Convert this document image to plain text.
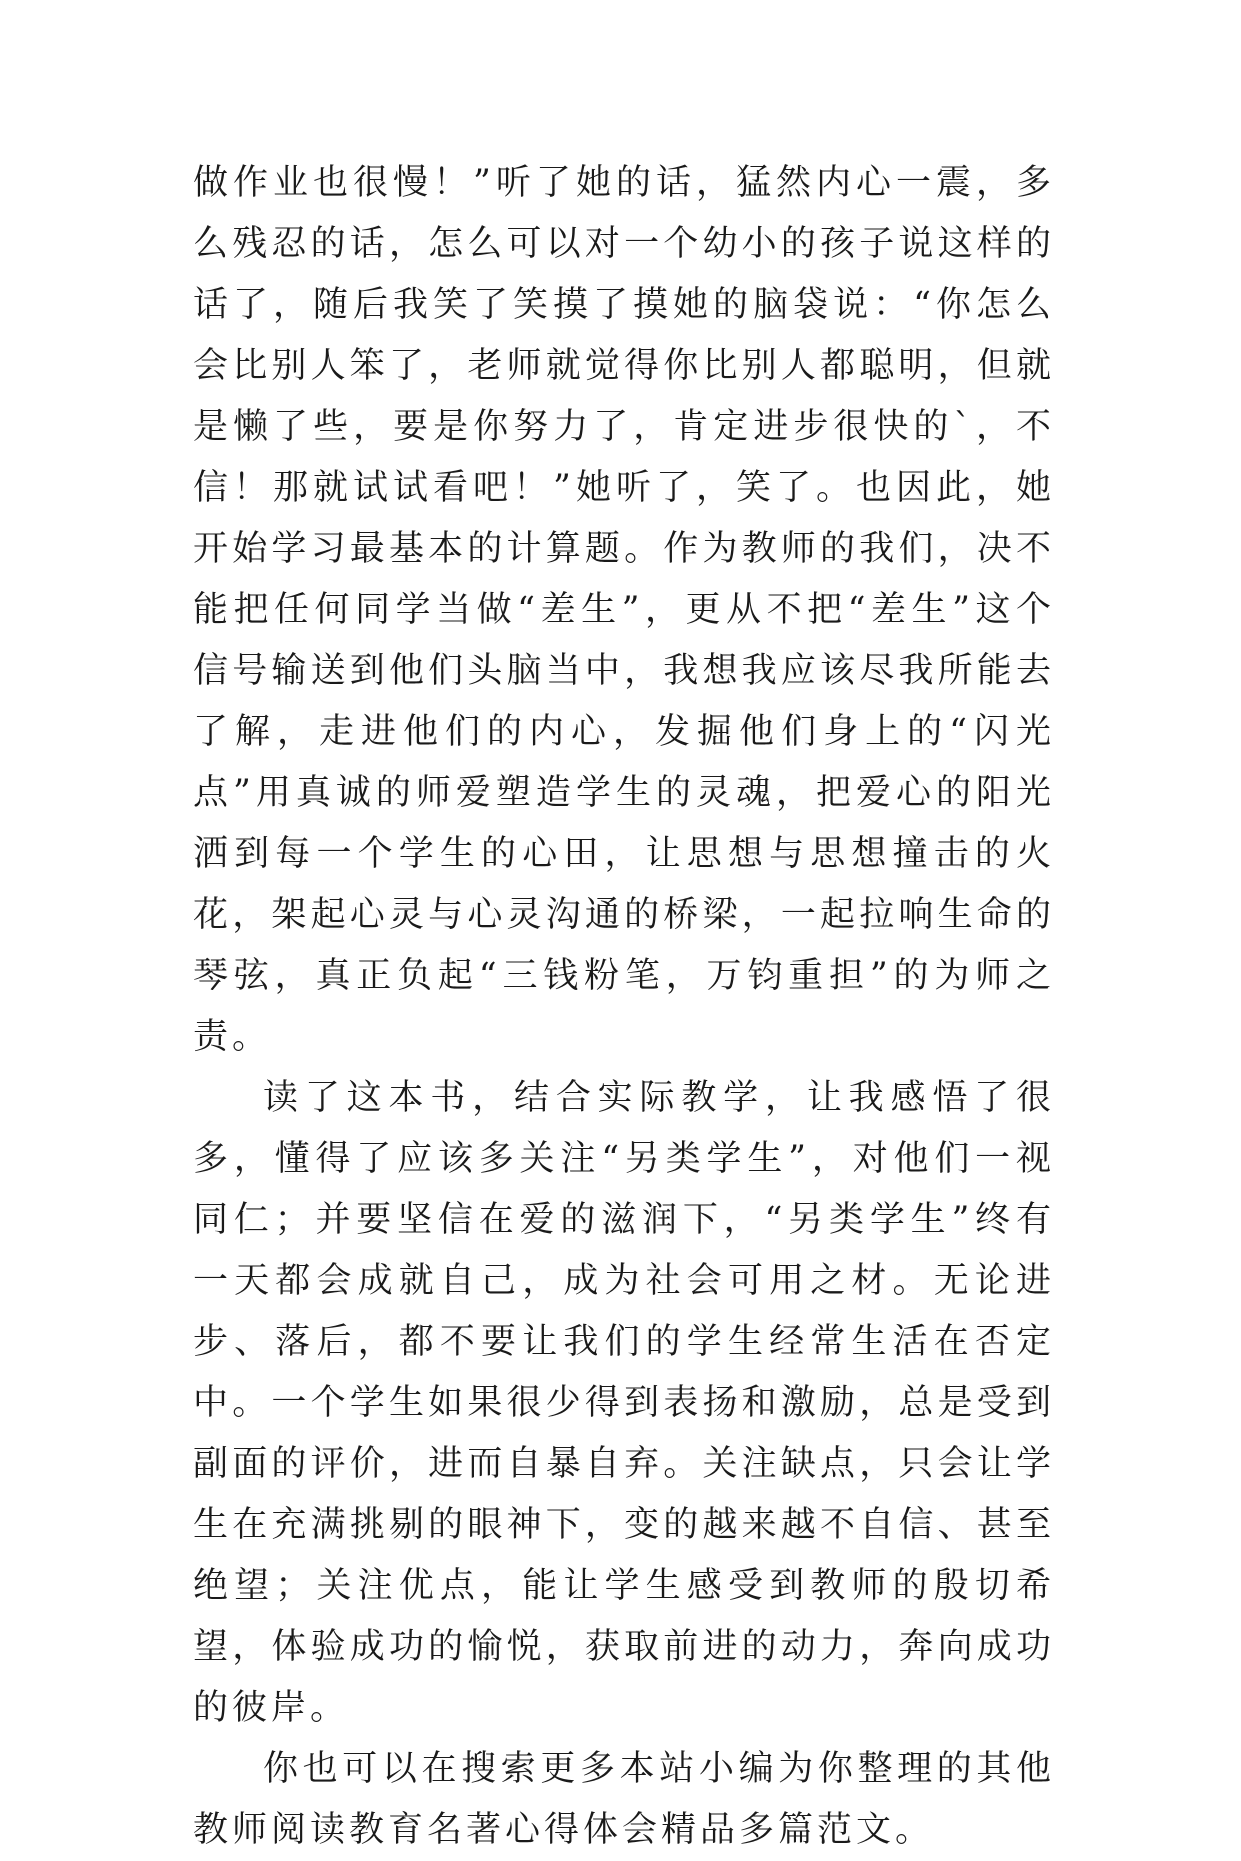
做作业也很慢！”听了她的话，猛然内心一震，多么残忍的话，怎么可以对一个幼小的孩子说这样的话了，随后我笑了笑摸了摸她的脑袋说：“你怎么会比别人笨了，老师就觉得你比别人都聪明，但就是懒了些，要是你努力了，肯定进步很快的`，不信！那就试试看吧！”她听了，笑了。也因此，她开始学习最基本的计算题。作为教师的我们，决不能把任何同学当做“差生”，更从不把“差生”这个信号输送到他们头脑当中，我想我应该尽我所能去了解，走进他们的内心，发掘他们身上的“闪光点”用真诚的师爱塑造学生的灵魂，把爱心的阳光洒到每一个学生的心田，让思想与思想撞击的火花，架起心灵与心灵沟通的桥梁，一起拉响生命的琴弦，真正负起“三钱粉笔，万钧重担”的为师之责。

读了这本书，结合实际教学，让我感悟了很多，懂得了应该多关注“另类学生”，对他们一视同仁；并要坚信在爱的滋润下，“另类学生”终有一天都会成就自己，成为社会可用之材。无论进步、落后，都不要让我们的学生经常生活在否定中。一个学生如果很少得到表扬和激励，总是受到副面的评价，进而自暴自弃。关注缺点，只会让学生在充满挑剔的眼神下，变的越来越不自信、甚至绝望；关注优点，能让学生感受到教师的殷切希望，体验成功的愉悦，获取前进的动力，奔向成功的彼岸。

你也可以在搜索更多本站小编为你整理的其他教师阅读教育名著心得体会精品多篇范文。
